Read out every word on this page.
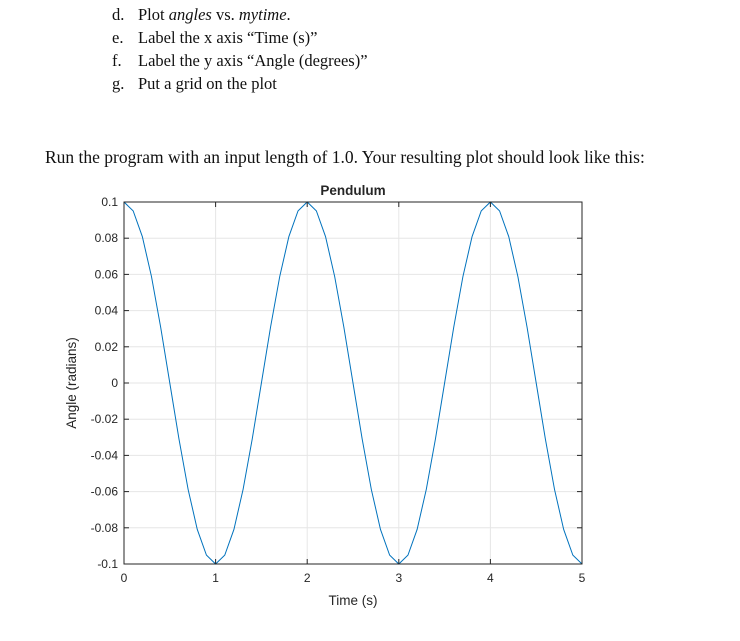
d. Plot angles vs. mytime.
e. Label the x axis “Time (s)”
f. Label the y axis “Angle (degrees)”
g. Put a grid on the plot

Run the program with an input length of 1.0. Your resulting plot should look like this:

0	1	2	3	4	5
-0.1
-0.08
-0.06
-0.04
-0.02
0
0.02
0.04
0.06
0.08
0.1
Pendulum
Time (s)
Angle (radians)
